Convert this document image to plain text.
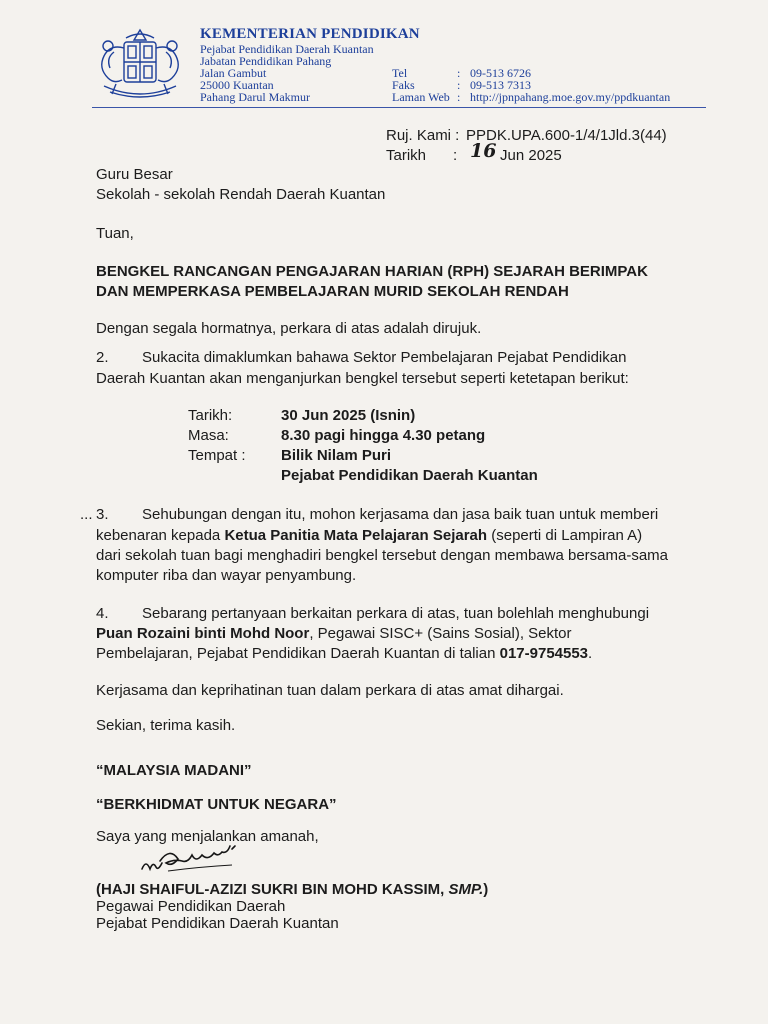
KEMENTERIAN PENDIDIKAN
Pejabat Pendidikan Daerah Kuantan
Jabatan Pendidikan Pahang
Jalan Gambut
25000 Kuantan
Pahang Darul Makmur
Tel	: 09-513 6726
Faks	: 09-513 7313
Laman Web : http://jpnpahang.moe.gov.my/ppdkuantan
Ruj. Kami : PPDK.UPA.600-1/4/1Jld.3(44)
Tarikh : 16 Jun 2025
Guru Besar
Sekolah - sekolah Rendah Daerah Kuantan
Tuan,
BENGKEL RANCANGAN PENGAJARAN HARIAN (RPH) SEJARAH BERIMPAK
DAN MEMPERKASA PEMBELAJARAN MURID SEKOLAH RENDAH
Dengan segala hormatnya, perkara di atas adalah dirujuk.
2. Sukacita dimaklumkan bahawa Sektor Pembelajaran Pejabat Pendidikan
Daerah Kuantan akan menganjurkan bengkel tersebut seperti ketetapan berikut:
Tarikh:	30 Jun 2025 (Isnin)
Masa:	8.30 pagi hingga 4.30 petang
Tempat : Bilik Nilam Puri
Pejabat Pendidikan Daerah Kuantan
... 3. Sehubungan dengan itu, mohon kerjasama dan jasa baik tuan untuk memberi
kebenaran kepada Ketua Panitia Mata Pelajaran Sejarah (seperti di Lampiran A)
dari sekolah tuan bagi menghadiri bengkel tersebut dengan membawa bersama-sama
komputer riba dan wayar penyambung.
4. Sebarang pertanyaan berkaitan perkara di atas, tuan bolehlah menghubungi
Puan Rozaini binti Mohd Noor, Pegawai SISC+ (Sains Sosial), Sektor
Pembelajaran, Pejabat Pendidikan Daerah Kuantan di talian 017-9754553.
Kerjasama dan keprihatinan tuan dalam perkara di atas amat dihargai.
Sekian, terima kasih.
“MALAYSIA MADANI”
“BERKHIDMAT UNTUK NEGARA”
Saya yang menjalankan amanah,
(HAJI SHAIFUL-AZIZI SUKRI BIN MOHD KASSIM, SMP.)
Pegawai Pendidikan Daerah
Pejabat Pendidikan Daerah Kuantan
